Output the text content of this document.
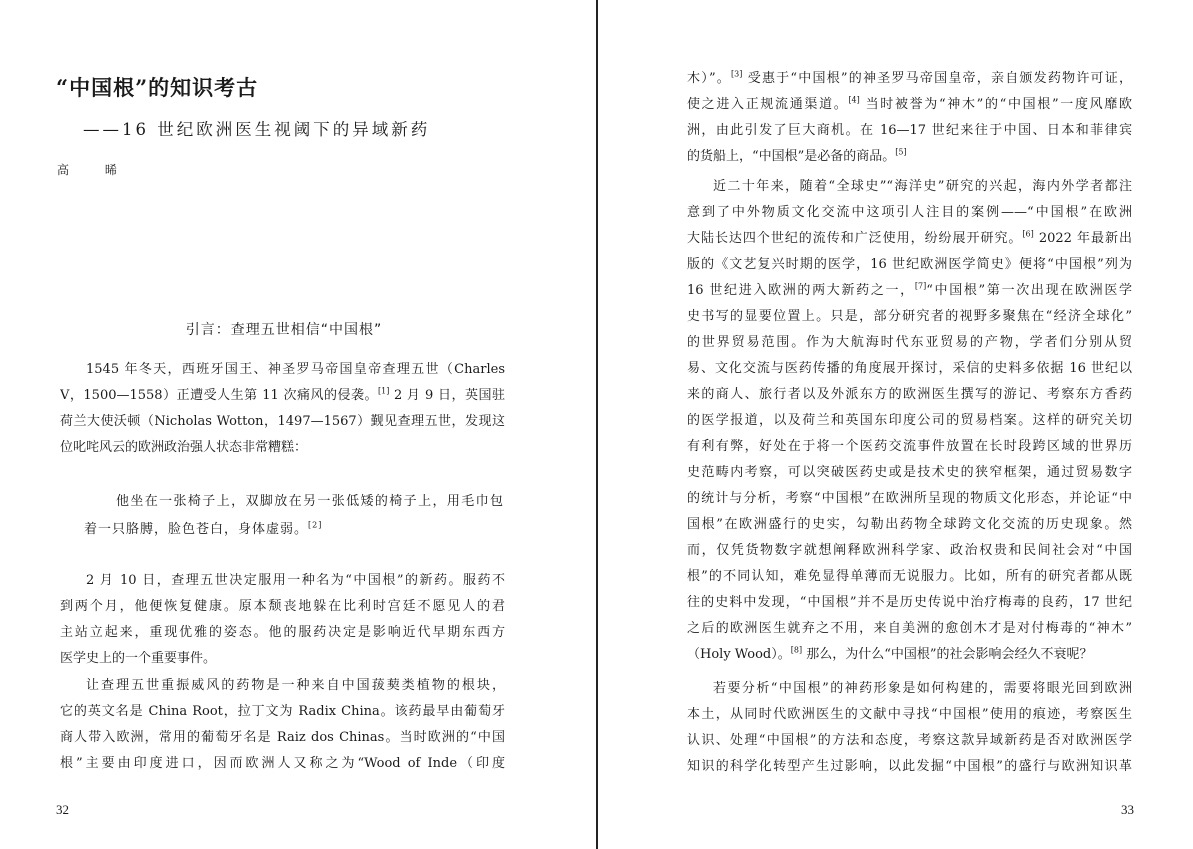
“中国根”的知识考古
——16 世纪欧洲医生视阈下的异域新药
高 晞
引言：查理五世相信“中国根”

1545 年冬天，西班牙国王、神圣罗马帝国皇帝查理五世（Charles

V，1500—1558）正遭受人生第 11 次痛风的侵袭。[1] 2 月 9 日，英国驻

荷兰大使沃顿（Nicholas Wotton，1497—1567）觐见查理五世，发现这

位叱咤风云的欧洲政治强人状态非常糟糕：

他坐在一张椅子上，双脚放在另一张低矮的椅子上，用毛巾包

着一只胳膊，脸色苍白，身体虚弱。[2]

2 月 10 日，查理五世决定服用一种名为“中国根”的新药。服药不

到两个月，他便恢复健康。原本颓丧地躲在比利时宫廷不愿见人的君

主站立起来，重现优雅的姿态。他的服药决定是影响近代早期东西方

医学史上的一个重要事件。

让查理五世重振威风的药物是一种来自中国菝葜类植物的根块，

它的英文名是 China Root，拉丁文为 Radix China。该药最早由葡萄牙

商人带入欧洲，常用的葡萄牙名是 Raiz dos Chinas。当时欧洲的“中国

根”主要由印度进口，因而欧洲人又称之为“Wood of Inde（印度

32

木）”。[3] 受惠于“中国根”的神圣罗马帝国皇帝，亲自颁发药物许可证，

使之进入正规流通渠道。[4] 当时被誉为“神木”的“中国根”一度风靡欧

洲，由此引发了巨大商机。在 16—17 世纪来往于中国、日本和菲律宾

的货船上，“中国根”是必备的商品。[5]

近二十年来，随着“全球史”“海洋史”研究的兴起，海内外学者都注

意到了中外物质文化交流中这项引人注目的案例——“中国根”在欧洲

大陆长达四个世纪的流传和广泛使用，纷纷展开研究。[6] 2022 年最新出

版的《文艺复兴时期的医学，16 世纪欧洲医学简史》便将“中国根”列为

16 世纪进入欧洲的两大新药之一，[7]“中国根”第一次出现在欧洲医学

史书写的显要位置上。只是，部分研究者的视野多聚焦在“经济全球化”

的世界贸易范围。作为大航海时代东亚贸易的产物，学者们分别从贸

易、文化交流与医药传播的角度展开探讨，采信的史料多依据 16 世纪以

来的商人、旅行者以及外派东方的欧洲医生撰写的游记、考察东方香药

的医学报道，以及荷兰和英国东印度公司的贸易档案。这样的研究关切

有利有弊，好处在于将一个医药交流事件放置在长时段跨区域的世界历

史范畴内考察，可以突破医药史或是技术史的狭窄框架，通过贸易数字

的统计与分析，考察“中国根”在欧洲所呈现的物质文化形态，并论证“中

国根”在欧洲盛行的史实，勾勒出药物全球跨文化交流的历史现象。然

而，仅凭货物数字就想阐释欧洲科学家、政治权贵和民间社会对“中国

根”的不同认知，难免显得单薄而无说服力。比如，所有的研究者都从既

往的史料中发现，“中国根”并不是历史传说中治疗梅毒的良药，17 世纪

之后的欧洲医生就弃之不用，来自美洲的愈创木才是对付梅毒的“神木”

（Holy Wood）。[8] 那么，为什么“中国根”的社会影响会经久不衰呢？

若要分析“中国根”的神药形象是如何构建的，需要将眼光回到欧洲

本土，从同时代欧洲医生的文献中寻找“中国根”使用的痕迹，考察医生

认识、处理“中国根”的方法和态度，考察这款异域新药是否对欧洲医学

知识的科学化转型产生过影响，以此发掘“中国根”的盛行与欧洲知识革

33
